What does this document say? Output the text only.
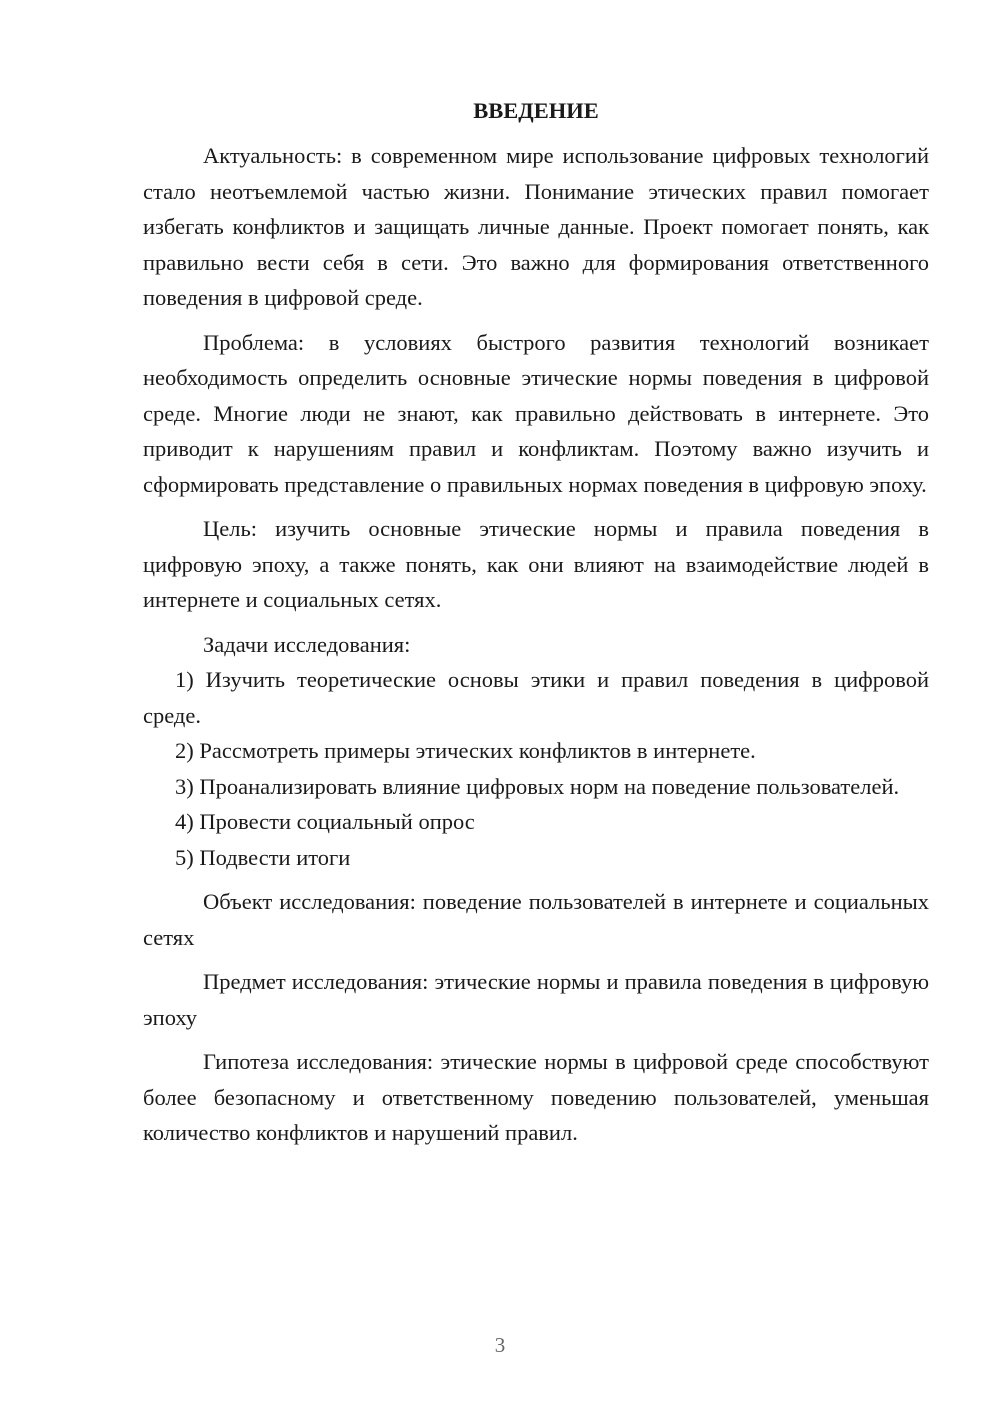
ВВЕДЕНИЕ

Актуальность: в современном мире использование цифровых технологий стало неотъемлемой частью жизни. Понимание этических правил помогает избегать конфликтов и защищать личные данные. Проект помогает понять, как правильно вести себя в сети. Это важно для формирования ответственного поведения в цифровой среде.

Проблема: в условиях быстрого развития технологий возникает необходимость определить основные этические нормы поведения в цифровой среде. Многие люди не знают, как правильно действовать в интернете. Это приводит к нарушениям правил и конфликтам. Поэтому важно изучить и сформировать представление о правильных нормах поведения в цифровую эпоху.

Цель: изучить основные этические нормы и правила поведения в цифровую эпоху, а также понять, как они влияют на взаимодействие людей в интернете и социальных сетях.

Задачи исследования:

1) Изучить теоретические основы этики и правил поведения в цифровой среде.

2) Рассмотреть примеры этических конфликтов в интернете.

3) Проанализировать влияние цифровых норм на поведение пользователей.

4) Провести социальный опрос

5) Подвести итоги

Объект исследования: поведение пользователей в интернете и социальных сетях

Предмет исследования: этические нормы и правила поведения в цифровую эпоху

Гипотеза исследования: этические нормы в цифровой среде способствуют более безопасному и ответственному поведению пользователей, уменьшая количество конфликтов и нарушений правил.

3
